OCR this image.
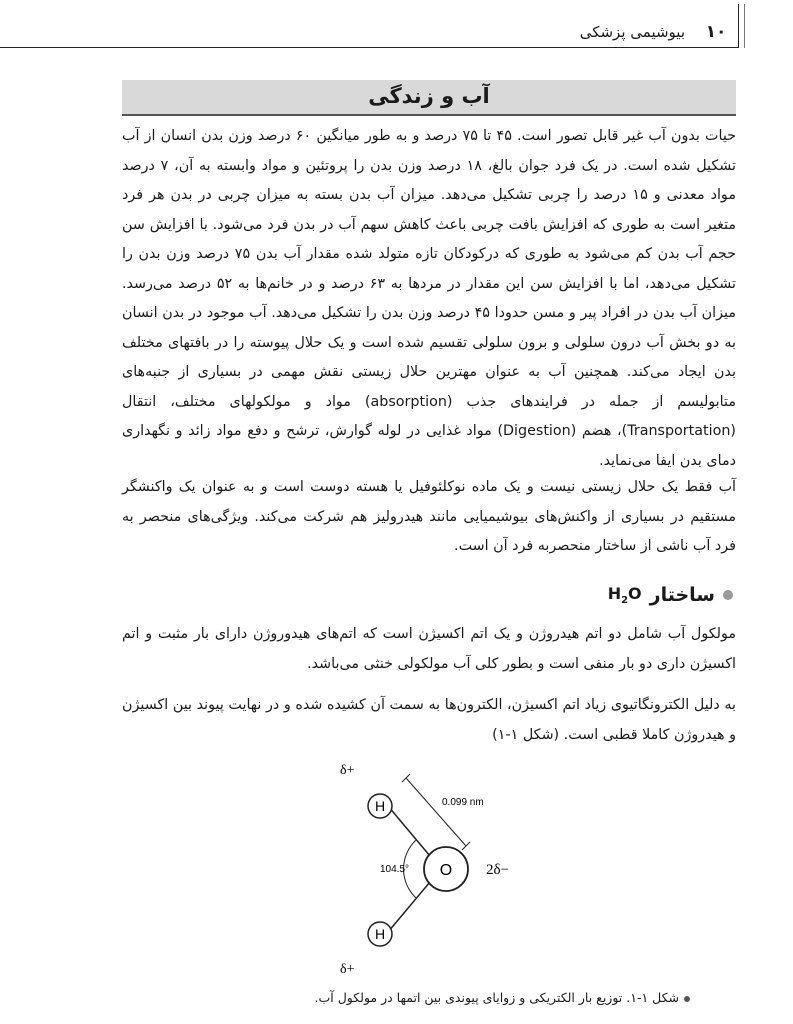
۱۰
بیوشیمی پزشکی
آب و زندگی
حیات بدون آب غیر قابل تصور است. ۴۵ تا ۷۵ درصد و به طور میانگین ۶۰ درصد وزن بدن انسان از آب تشکیل شده است. در یک فرد جوان بالغ، ۱۸ درصد وزن بدن را پروتئین و مواد وابسته به آن، ۷ درصد مواد معدنی و ۱۵ درصد را چربی تشکیل می‌دهد. میزان آب بدن بسته به میزان چربی در بدن هر فرد متغیر است به طوری که افزایش بافت چربی باعث کاهش سهم آب در بدن فرد می‌شود. با افزایش سن حجم آب بدن کم می‌شود به طوری که درکودکان تازه متولد شده مقدار آب بدن ۷۵ درصد وزن بدن را تشکیل می‌دهد، اما با افزایش سن این مقدار در مردها به ۶۳ درصد و در خانم‌ها به ۵۲ درصد می‌رسد. میزان آب بدن در افراد پیر و مسن حدودا ۴۵ درصد وزن بدن را تشکیل می‌دهد. آب موجود در بدن انسان به دو بخش آب درون سلولی و برون سلولی تقسیم شده است و یک حلال پیوسته را در بافتهای مختلف بدن ایجاد می‌کند. همچنین آب به عنوان مهترین حلال زیستی نقش مهمی در بسیاری از جنبه‌های متابولیسم از جمله در فرایندهای جذب (absorption) مواد و مولکولهای مختلف، انتقال (Transportation)، هضم (Digestion) مواد غذایی در لوله گوارش، ترشح و دفع مواد زائد و نگهداری دمای بدن ایفا می‌نماید.
آب فقط یک حلال زیستی نیست و یک ماده نوکلئوفیل یا هسته دوست است و به عنوان یک واکنشگر مستقیم در بسیاری از واکنش‌های بیوشیمیایی مانند هیدرولیز هم شرکت می‌کند. ویژگی‌های منحصر به فرد آب ناشی از ساختار منحصربه فرد آن است.
ساختار
$H_2O$
مولکول آب شامل دو اتم هیدروژن و یک اتم اکسیژن است که اتم‌های هیدوروژن دارای بار مثبت و اتم اکسیژن داری دو بار منفی است و بطور کلی آب مولکولی خنثی می‌باشد.
به دلیل الکترونگاتیوی زیاد اتم اکسیژن، الکترون‌ها به سمت آن کشیده شده و در نهایت پیوند بین اکسیژن و هیدروژن کاملا قطبی است. (شکل ۱-۱)
H
H
O
δ+
δ+
2δ−
0.099 nm
104.5°
شکل ۱-۱. توزیع بار الکتریکی و زوایای پیوندی بین اتمها در مولکول آب.
